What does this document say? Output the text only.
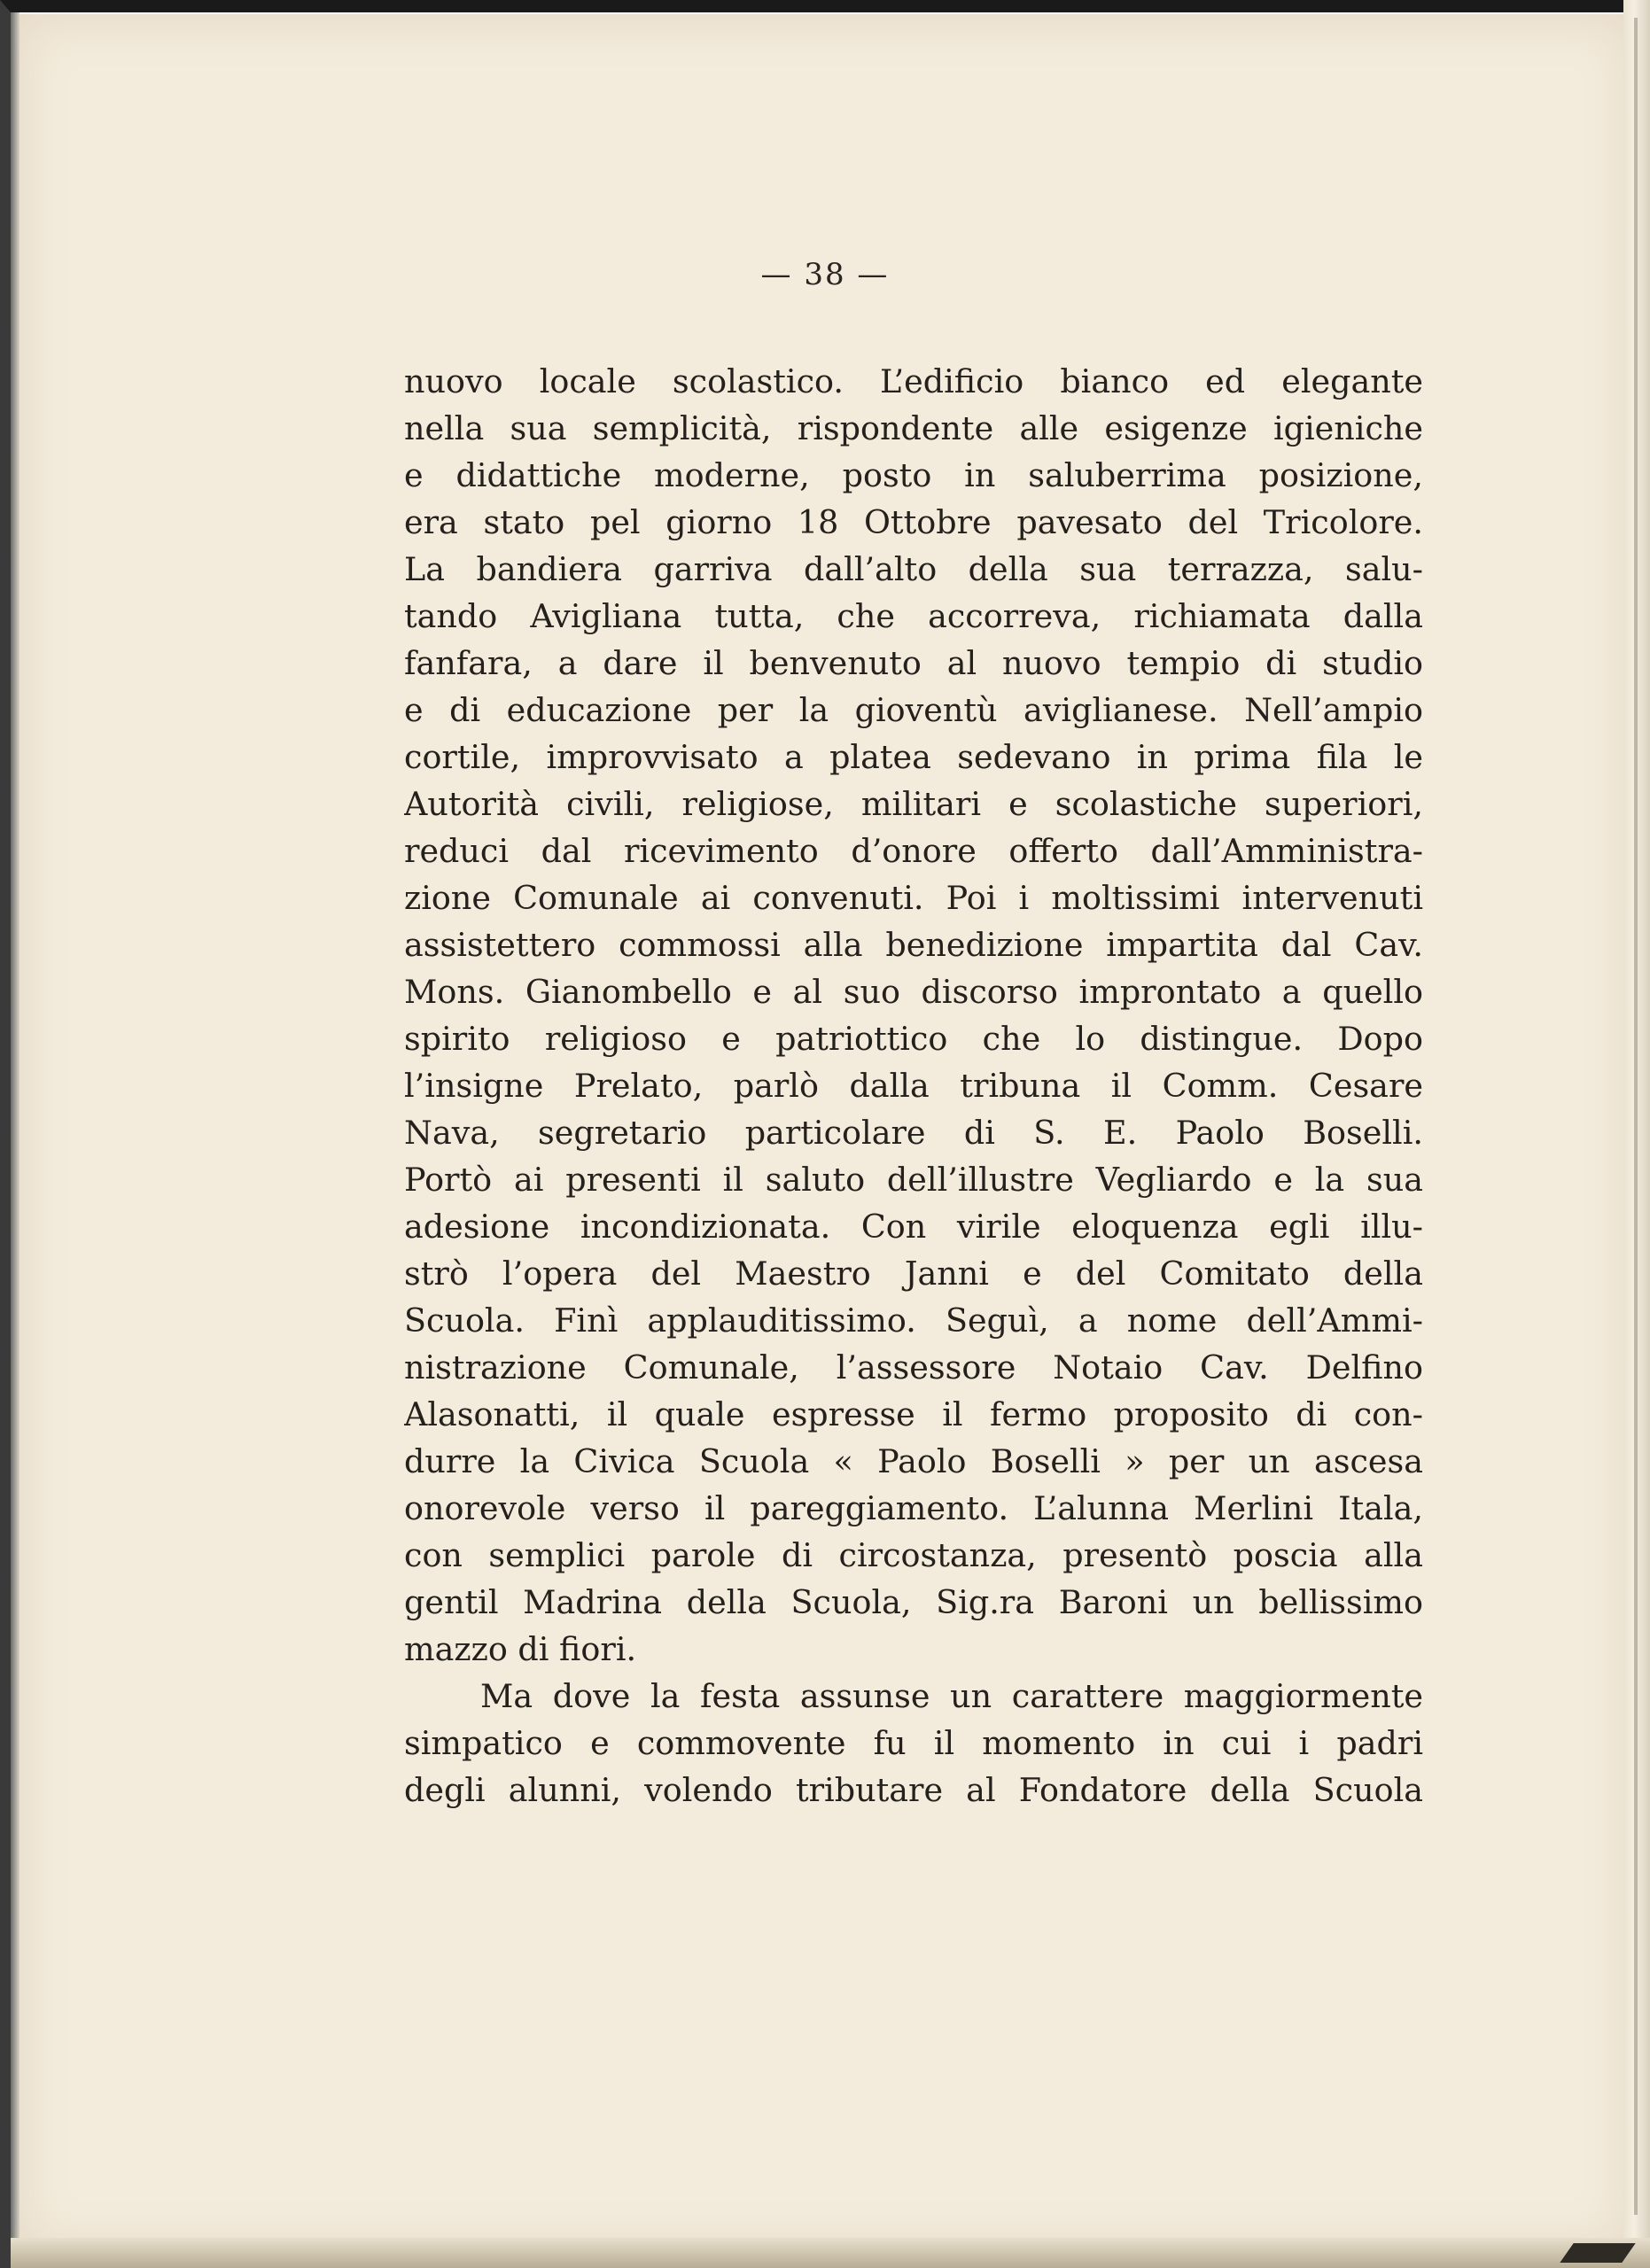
— 38 —
nuovo locale scolastico. L’edificio bianco ed elegante
nella sua semplicità, rispondente alle esigenze igieniche
e didattiche moderne, posto in saluberrima posizione,
era stato pel giorno 18 Ottobre pavesato del Tricolore.
La bandiera garriva dall’alto della sua terrazza, salu-
tando Avigliana tutta, che accorreva, richiamata dalla
fanfara, a dare il benvenuto al nuovo tempio di studio
e di educazione per la gioventù aviglianese. Nell’ampio
cortile, improvvisato a platea sedevano in prima fila le
Autorità civili, religiose, militari e scolastiche superiori,
reduci dal ricevimento d’onore offerto dall’Amministra-
zione Comunale ai convenuti. Poi i moltissimi intervenuti
assistettero commossi alla benedizione impartita dal Cav.
Mons. Gianombello e al suo discorso improntato a quello
spirito religioso e patriottico che lo distingue. Dopo
l’insigne Prelato, parlò dalla tribuna il Comm. Cesare
Nava, segretario particolare di S. E. Paolo Boselli.
Portò ai presenti il saluto dell’illustre Vegliardo e la sua
adesione incondizionata. Con virile eloquenza egli illu-
strò l’opera del Maestro Janni e del Comitato della
Scuola. Finì applauditissimo. Seguì, a nome dell’Ammi-
nistrazione Comunale, l’assessore Notaio Cav. Delfino
Alasonatti, il quale espresse il fermo proposito di con-
durre la Civica Scuola « Paolo Boselli » per un ascesa
onorevole verso il pareggiamento. L’alunna Merlini Itala,
con semplici parole di circostanza, presentò poscia alla
gentil Madrina della Scuola, Sig.ra Baroni un bellissimo
mazzo di fiori.
Ma dove la festa assunse un carattere maggiormente
simpatico e commovente fu il momento in cui i padri
degli alunni, volendo tributare al Fondatore della Scuola
